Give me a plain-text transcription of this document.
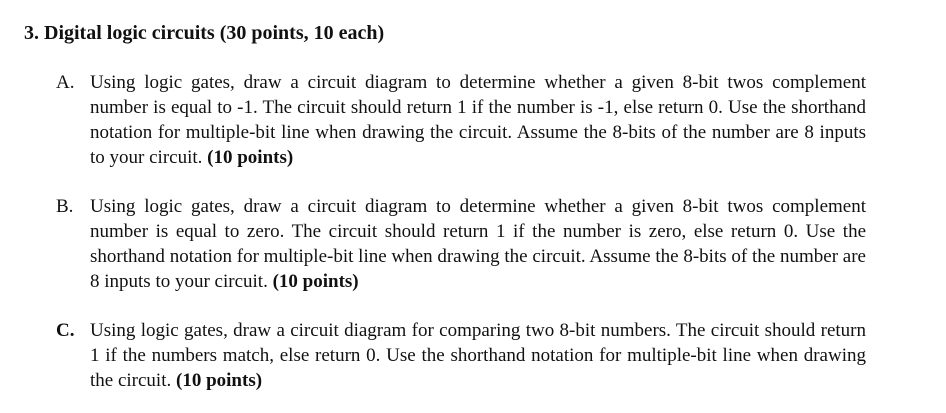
3. Digital logic circuits (30 points, 10 each)
A. Using logic gates, draw a circuit diagram to determine whether a given 8-bit twos complement number is equal to -1. The circuit should return 1 if the number is -1, else return 0. Use the shorthand notation for multiple-bit line when drawing the circuit. Assume the 8-bits of the number are 8 inputs to your circuit. (10 points)
B. Using logic gates, draw a circuit diagram to determine whether a given 8-bit twos complement number is equal to zero. The circuit should return 1 if the number is zero, else return 0. Use the shorthand notation for multiple-bit line when drawing the circuit. Assume the 8-bits of the number are 8 inputs to your circuit. (10 points)
C. Using logic gates, draw a circuit diagram for comparing two 8-bit numbers. The circuit should return 1 if the numbers match, else return 0. Use the shorthand notation for multiple-bit line when drawing the circuit. (10 points)
